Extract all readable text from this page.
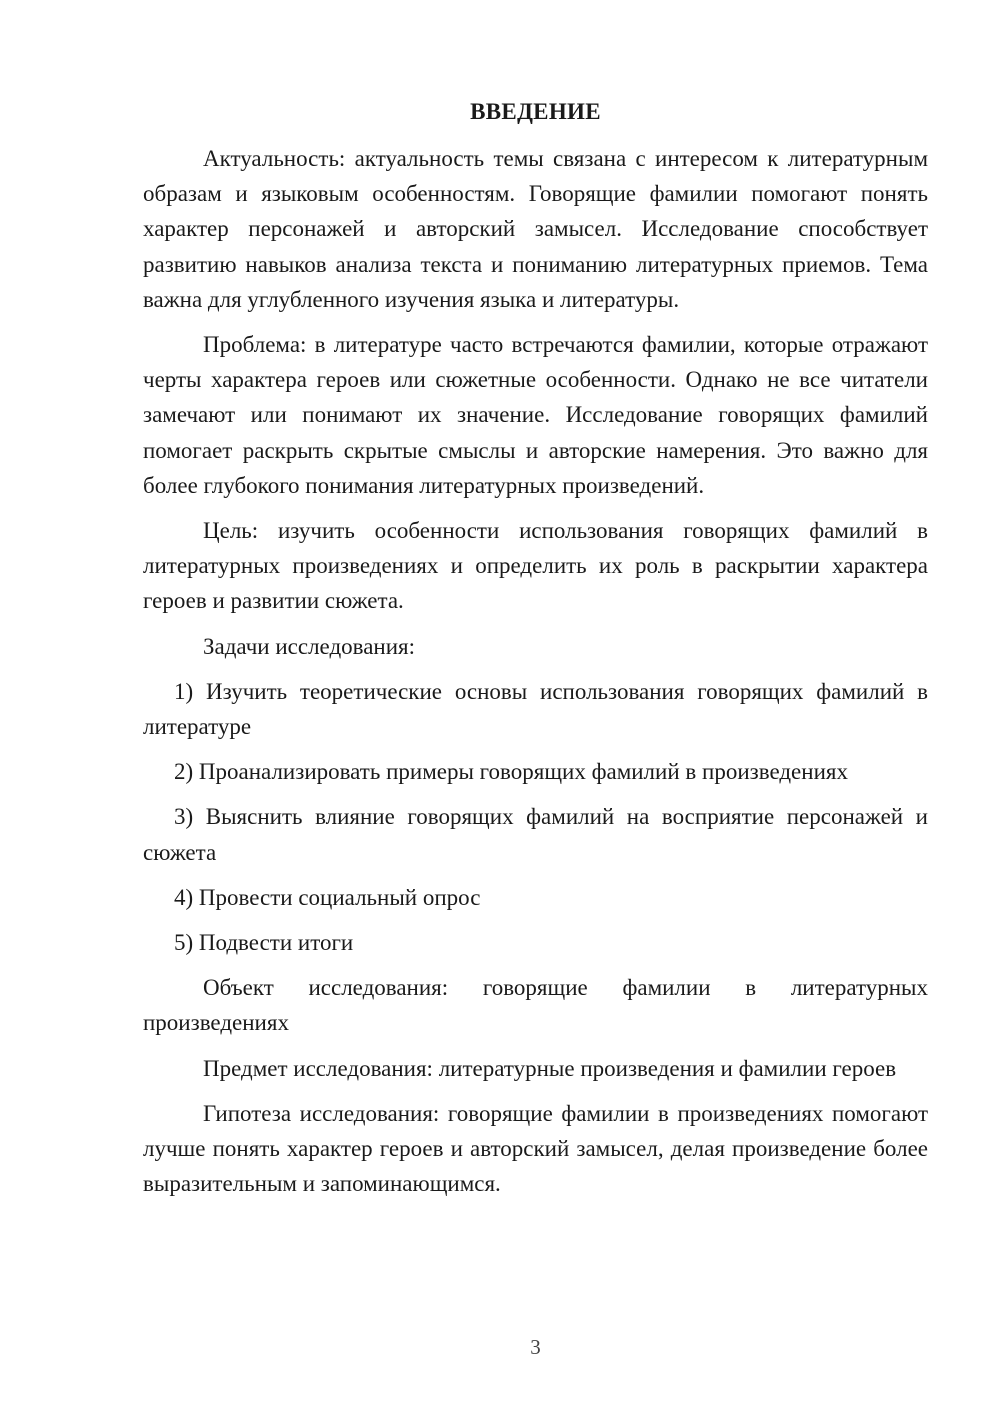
ВВЕДЕНИЕ

Актуальность: актуальность темы связана с интересом к литературным образам и языковым особенностям. Говорящие фамилии помогают понять характер персонажей и авторский замысел. Исследование способствует развитию навыков анализа текста и пониманию литературных приемов. Тема важна для углубленного изучения языка и литературы.

Проблема: в литературе часто встречаются фамилии, которые отражают черты характера героев или сюжетные особенности. Однако не все читатели замечают или понимают их значение. Исследование говорящих фамилий помогает раскрыть скрытые смыслы и авторские намерения. Это важно для более глубокого понимания литературных произведений.

Цель: изучить особенности использования говорящих фамилий в литературных произведениях и определить их роль в раскрытии характера героев и развитии сюжета.

Задачи исследования:

1) Изучить теоретические основы использования говорящих фамилий в литературе

2) Проанализировать примеры говорящих фамилий в произведениях

3) Выяснить влияние говорящих фамилий на восприятие персонажей и сюжета

4) Провести социальный опрос

5) Подвести итоги

Объект исследования: говорящие фамилии в литературных произведениях

Предмет исследования: литературные произведения и фамилии героев

Гипотеза исследования: говорящие фамилии в произведениях помогают лучше понять характер героев и авторский замысел, делая произведение более выразительным и запоминающимся.

3
